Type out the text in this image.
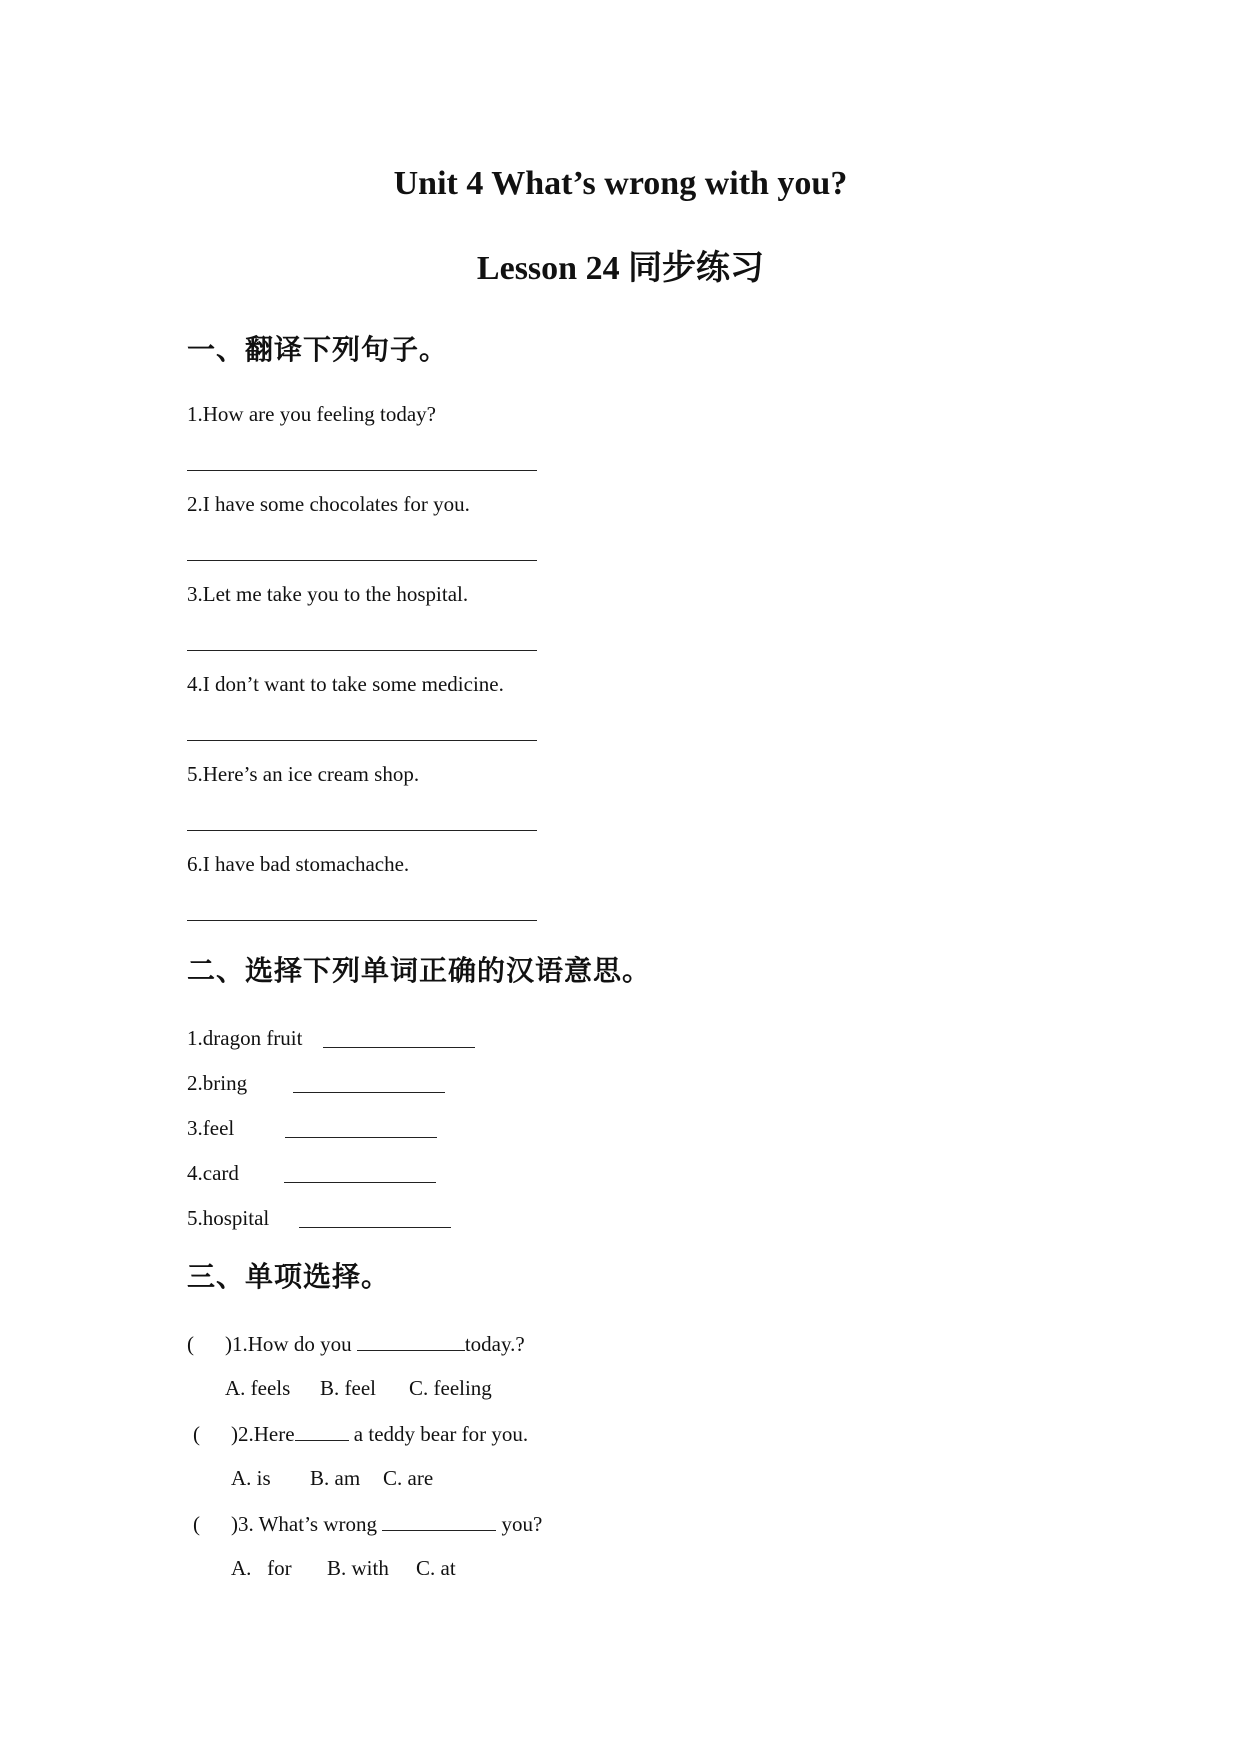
Unit 4 What’s wrong with you?
Lesson 24 同步练习
一、翻译下列句子。
1.How are you feeling today?
2.I have some chocolates for you.
3.Let me take you to the hospital.
4.I don’t want to take some medicine.
5.Here’s an ice cream shop.
6.I have bad stomachache.
二、选择下列单词正确的汉语意思。
1.dragon fruit
2.bring
3.feel
4.card
5.hospital
三、单项选择。
( )1.How do you	today.?
A. feels B. feel C. feeling
( )2.Here	a teddy bear for you.
A. is B. am C. are
( )3. What’s wrong	you?
A.   for B. with C. at
